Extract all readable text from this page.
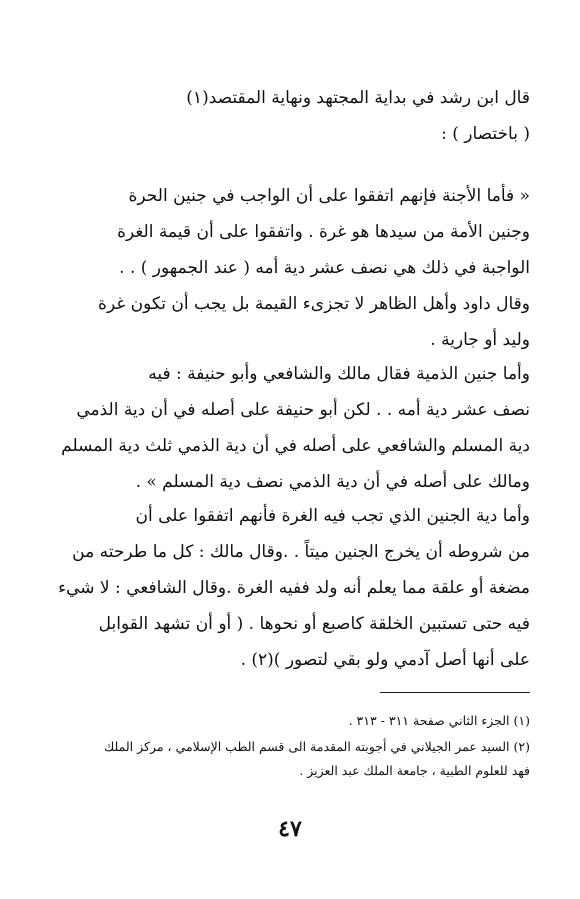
قال ابن رشد في بداية المجتهد ونهاية المقتصد(١)
( باختصار ) :
« فأما الأجنة فإنهم اتفقوا على أن الواجب في جنين الحرة
وجنين الأمة من سيدها هو غرة . واتفقوا على أن قيمة الغرة
الواجبة في ذلك هي نصف عشر دية أمه ( عند الجمهور ) . .
وقال داود وأهل الظاهر لا تجزىء القيمة بل يجب أن تكون غرة
وليد أو جارية .
وأما جنين الذمية فقال مالك والشافعي وأبو حنيفة : فيه
نصف عشر دية أمه . . لكن أبو حنيفة على أصله في أن دية الذمي
دية المسلم والشافعي على أصله في أن دية الذمي ثلث دية المسلم
ومالك على أصله في أن دية الذمي نصف دية المسلم » .
وأما دية الجنين الذي تجب فيه الغرة فأنهم اتفقوا على أن
من شروطه أن يخرج الجنين ميتاً . .وقال مالك : كل ما طرحته من
مضغة أو علقة مما يعلم أنه ولد ففيه الغرة .وقال الشافعي : لا شيء
فيه حتى تستبين الخلقة كاصبع أو نحوها . ( أو أن تشهد القوابل
على أنها أصل آدمي ولو بقي لتصور )(٢) .
(١) الجزء الثاني صفحة ٣١١ - ٣١٣ .
(٢) السيد عمر الجيلاني في أجوبته المقدمة الى قسم الطب الإسلامي ، مركز الملك
فهد للعلوم الطبية ، جامعة الملك عبد العزيز .
٤٧
